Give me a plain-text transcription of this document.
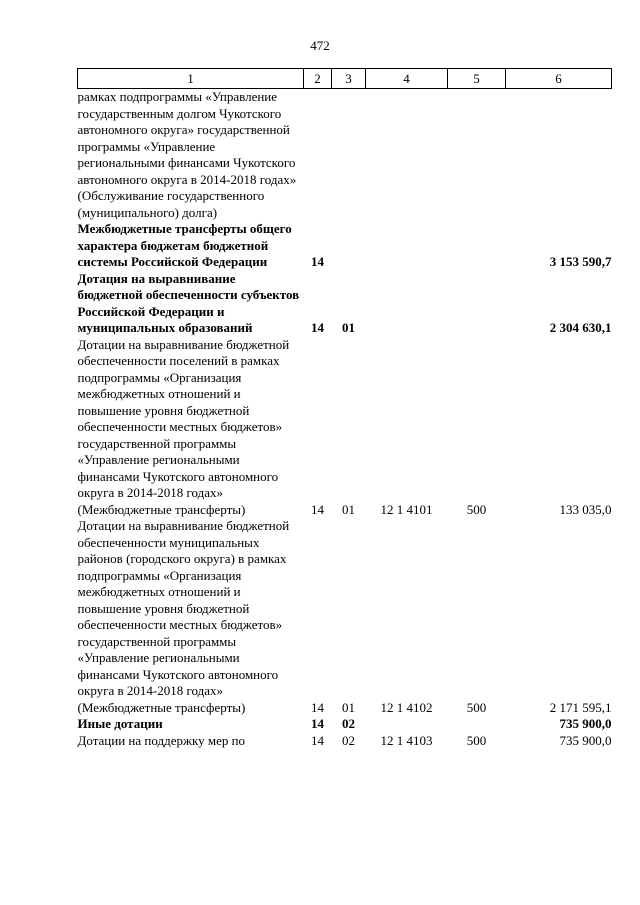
472
1	2	3	4	5	6
рамках подпрограммы «Управление государственным долгом Чукотского автономного округа» государственной программы «Управление региональными финансами Чукотского автономного округа в 2014-2018 годах» (Обслуживание государственного (муниципального) долга)					
Межбюджетные трансферты общего характера бюджетам бюджетной системы Российской Федерации	14				3 153 590,7
Дотация на выравнивание бюджетной обеспеченности субъектов Российской Федерации и муниципальных образований	14	01			2 304 630,1
Дотации на выравнивание бюджетной обеспеченности поселений в рамках подпрограммы «Организация межбюджетных отношений и повышение уровня бюджетной обеспеченности местных бюджетов» государственной программы «Управление региональными финансами Чукотского автономного округа в 2014-2018 годах» (Межбюджетные трансферты)	14	01	12 1 4101	500	133 035,0
Дотации на выравнивание бюджетной обеспеченности муниципальных районов (городского округа) в рамках подпрограммы «Организация межбюджетных отношений и повышение уровня бюджетной обеспеченности местных бюджетов» государственной программы «Управление региональными финансами Чукотского автономного округа в 2014-2018 годах» (Межбюджетные трансферты)	14	01	12 1 4102	500	2 171 595,1
Иные дотации	14	02			735 900,0
Дотации на поддержку мер по	14	02	12 1 4103	500	735 900,0
